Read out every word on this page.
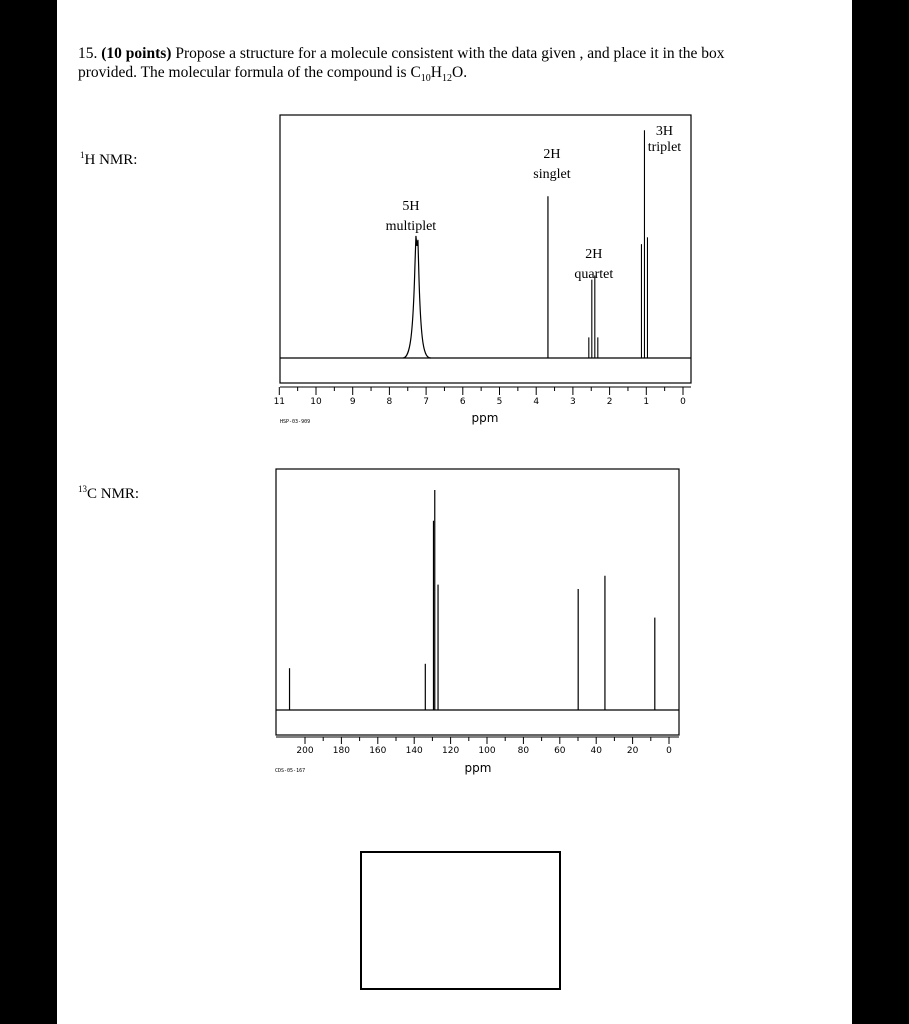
15. (10 points) Propose a structure for a molecule consistent with the data given , and place it in the box provided. The molecular formula of the compound is $C_{10}H_{12}O$.
$^1$H NMR:
$^{13}$C NMR:
11	10	9	8	7	6	5	4	3	2	1	0
ppm
HSP-03-909
5H
multiplet
2H
singlet
2H
quartet
3H
triplet
200 180 160 140 120 100 80	60	40	20	0
ppm
CDS-05-167
